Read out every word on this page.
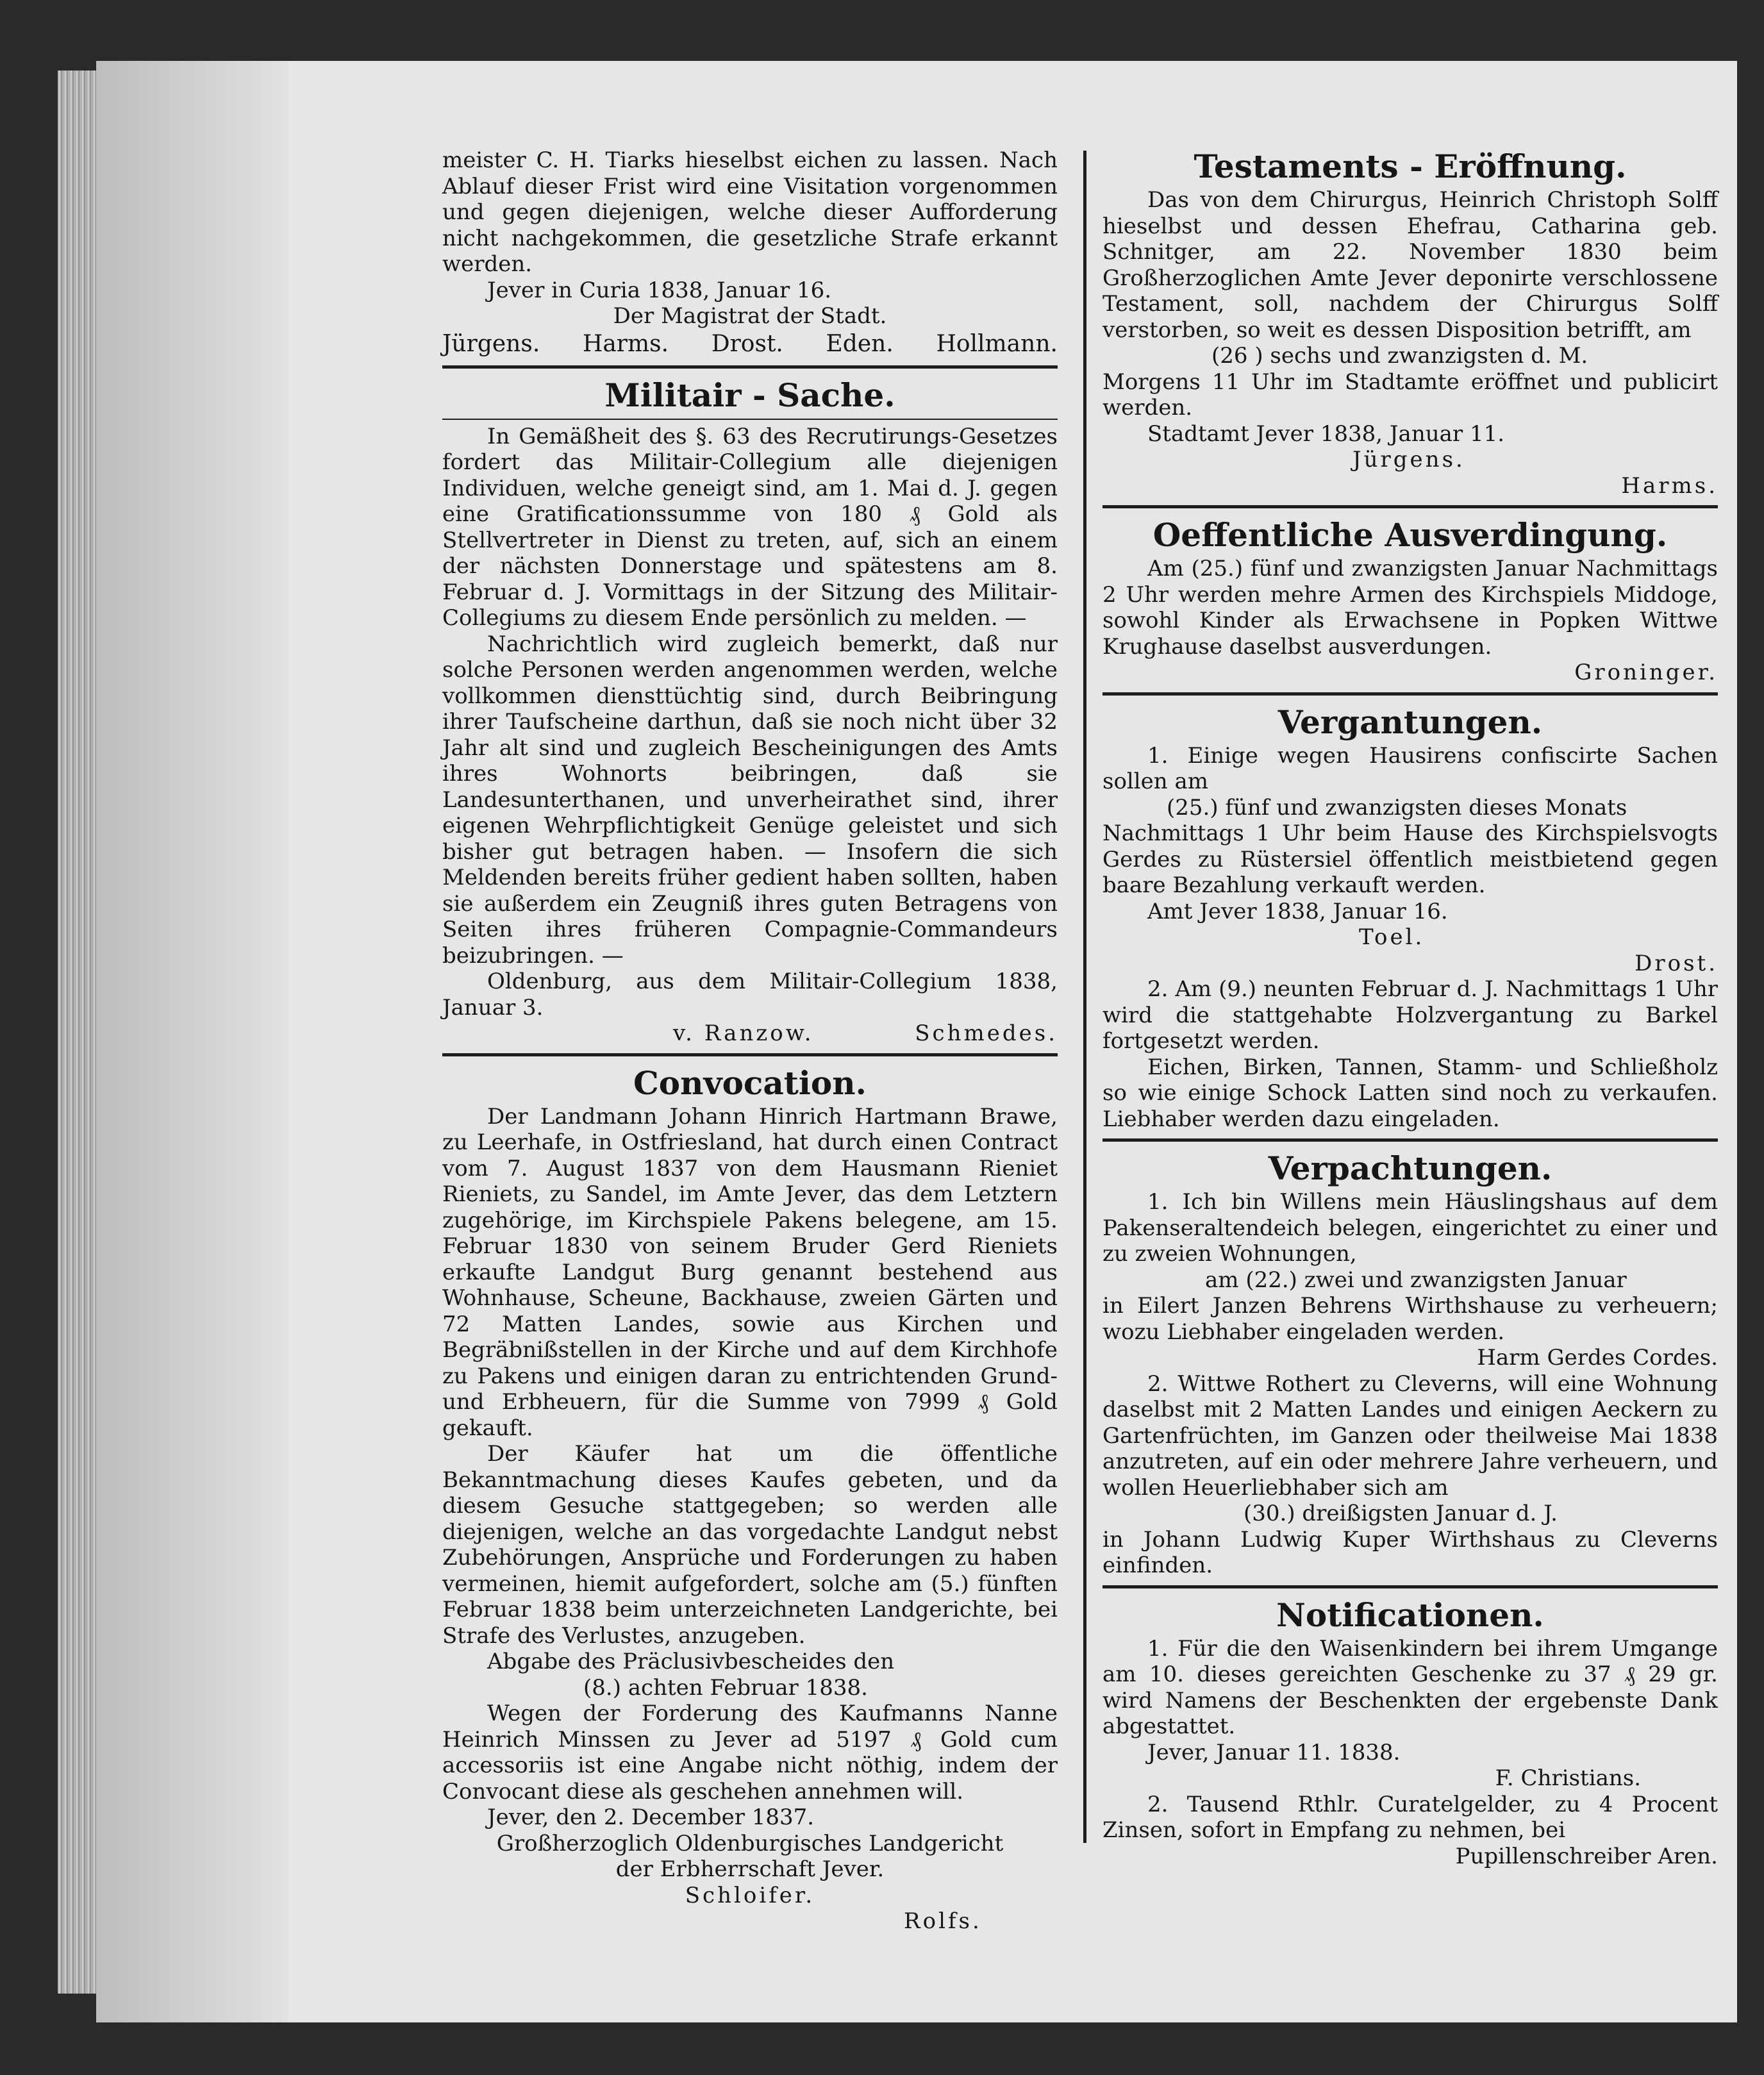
meister C. H. Tiarks hieselbst eichen zu lassen. Nach Ablauf dieser Frist wird eine Visitation vorgenommen und gegen diejenigen, welche dieser Aufforderung nicht nachgekommen, die gesetzliche Strafe erkannt werden.

Jever in Curia 1838, Januar 16.

Der Magistrat der Stadt.

Jürgens. Harms. Drost. Eden. Hollmann.
Militair - Sache.

In Gemäßheit des §. 63 des Recrutirungs-Gesetzes fordert das Militair-Collegium alle diejenigen Individuen, welche geneigt sind, am 1. Mai d. J. gegen eine Gratificationssumme von 180 ₰ Gold als Stellvertreter in Dienst zu treten, auf, sich an einem der nächsten Donnerstage und spätestens am 8. Februar d. J. Vormittags in der Sitzung des Militair-Collegiums zu diesem Ende persönlich zu melden. —

Nachrichtlich wird zugleich bemerkt, daß nur solche Personen werden angenommen werden, welche vollkommen diensttüchtig sind, durch Beibringung ihrer Taufscheine darthun, daß sie noch nicht über 32 Jahr alt sind und zugleich Bescheinigungen des Amts ihres Wohnorts beibringen, daß sie Landesunterthanen, und unverheirathet sind, ihrer eigenen Wehrpflichtigkeit Genüge geleistet und sich bisher gut betragen haben. — Insofern die sich Meldenden bereits früher gedient haben sollten, haben sie außerdem ein Zeugniß ihres guten Betragens von Seiten ihres früheren Compagnie-Commandeurs beizubringen. —

Oldenburg, aus dem Militair-Collegium 1838, Januar 3.

v. Ranzow.	Schmedes.
Convocation.

Der Landmann Johann Hinrich Hartmann Brawe, zu Leerhafe, in Ostfriesland, hat durch einen Contract vom 7. August 1837 von dem Hausmann Rieniet Rieniets, zu Sandel, im Amte Jever, das dem Letztern zugehörige, im Kirchspiele Pakens belegene, am 15. Februar 1830 von seinem Bruder Gerd Rieniets erkaufte Landgut Burg genannt bestehend aus Wohnhause, Scheune, Backhause, zweien Gärten und 72 Matten Landes, sowie aus Kirchen und Begräbnißstellen in der Kirche und auf dem Kirchhofe zu Pakens und einigen daran zu entrichtenden Grund- und Erbheuern, für die Summe von 7999 ₰ Gold gekauft.

Der Käufer hat um die öffentliche Bekanntmachung dieses Kaufes gebeten, und da diesem Gesuche stattgegeben; so werden alle diejenigen, welche an das vorgedachte Landgut nebst Zubehörungen, Ansprüche und Forderungen zu haben vermeinen, hiemit aufgefordert, solche am (5.) fünften Februar 1838 beim unterzeichneten Landgerichte, bei Strafe des Verlustes, anzugeben.

Abgabe des Präclusivbescheides den

(8.) achten Februar 1838.

Wegen der Forderung des Kaufmanns Nanne Heinrich Minssen zu Jever ad 5197 ₰ Gold cum accessoriis ist eine Angabe nicht nöthig, indem der Convocant diese als geschehen annehmen will.

Jever, den 2. December 1837.

Großherzoglich Oldenburgisches Landgericht

der Erbherrschaft Jever.

Schloifer.

Rolfs.

Testaments - Eröffnung.

Das von dem Chirurgus, Heinrich Christoph Solff hieselbst und dessen Ehefrau, Catharina geb. Schnitger, am 22. November 1830 beim Großherzoglichen Amte Jever deponirte verschlossene Testament, soll, nachdem der Chirurgus Solff verstorben, so weit es dessen Disposition betrifft, am

(26 ) sechs und zwanzigsten d. M.

Morgens 11 Uhr im Stadtamte eröffnet und publicirt werden.

Stadtamt Jever 1838, Januar 11.

Jürgens.

Harms.

Oeffentliche Ausverdingung.

Am (25.) fünf und zwanzigsten Januar Nachmittags 2 Uhr werden mehre Armen des Kirchspiels Middoge, sowohl Kinder als Erwachsene in Popken Wittwe Krughause daselbst ausverdungen.

Groninger.

Vergantungen.

1. Einige wegen Hausirens confiscirte Sachen sollen am

(25.) fünf und zwanzigsten dieses Monats

Nachmittags 1 Uhr beim Hause des Kirchspielsvogts Gerdes zu Rüstersiel öffentlich meistbietend gegen baare Bezahlung verkauft werden.

Amt Jever 1838, Januar 16.

Toel.

Drost.

2. Am (9.) neunten Februar d. J. Nachmittags 1 Uhr wird die stattgehabte Holzvergantung zu Barkel fortgesetzt werden.

Eichen, Birken, Tannen, Stamm- und Schließholz so wie einige Schock Latten sind noch zu verkaufen. Liebhaber werden dazu eingeladen.

Verpachtungen.

1. Ich bin Willens mein Häuslingshaus auf dem Pakenseraltendeich belegen, eingerichtet zu einer und zu zweien Wohnungen,

am (22.) zwei und zwanzigsten Januar

in Eilert Janzen Behrens Wirthshause zu verheuern; wozu Liebhaber eingeladen werden.

Harm Gerdes Cordes.

2. Wittwe Rothert zu Cleverns, will eine Wohnung daselbst mit 2 Matten Landes und einigen Aeckern zu Gartenfrüchten, im Ganzen oder theilweise Mai 1838 anzutreten, auf ein oder mehrere Jahre verheuern, und wollen Heuerliebhaber sich am

(30.) dreißigsten Januar d. J.

in Johann Ludwig Kuper Wirthshaus zu Cleverns einfinden.

Notificationen.

1. Für die den Waisenkindern bei ihrem Umgange am 10. dieses gereichten Geschenke zu 37 ₰ 29 gr. wird Namens der Beschenkten der ergebenste Dank abgestattet.

Jever, Januar 11. 1838.

F. Christians.

2. Tausend Rthlr. Curatelgelder, zu 4 Procent Zinsen, sofort in Empfang zu nehmen, bei

Pupillenschreiber Aren.
